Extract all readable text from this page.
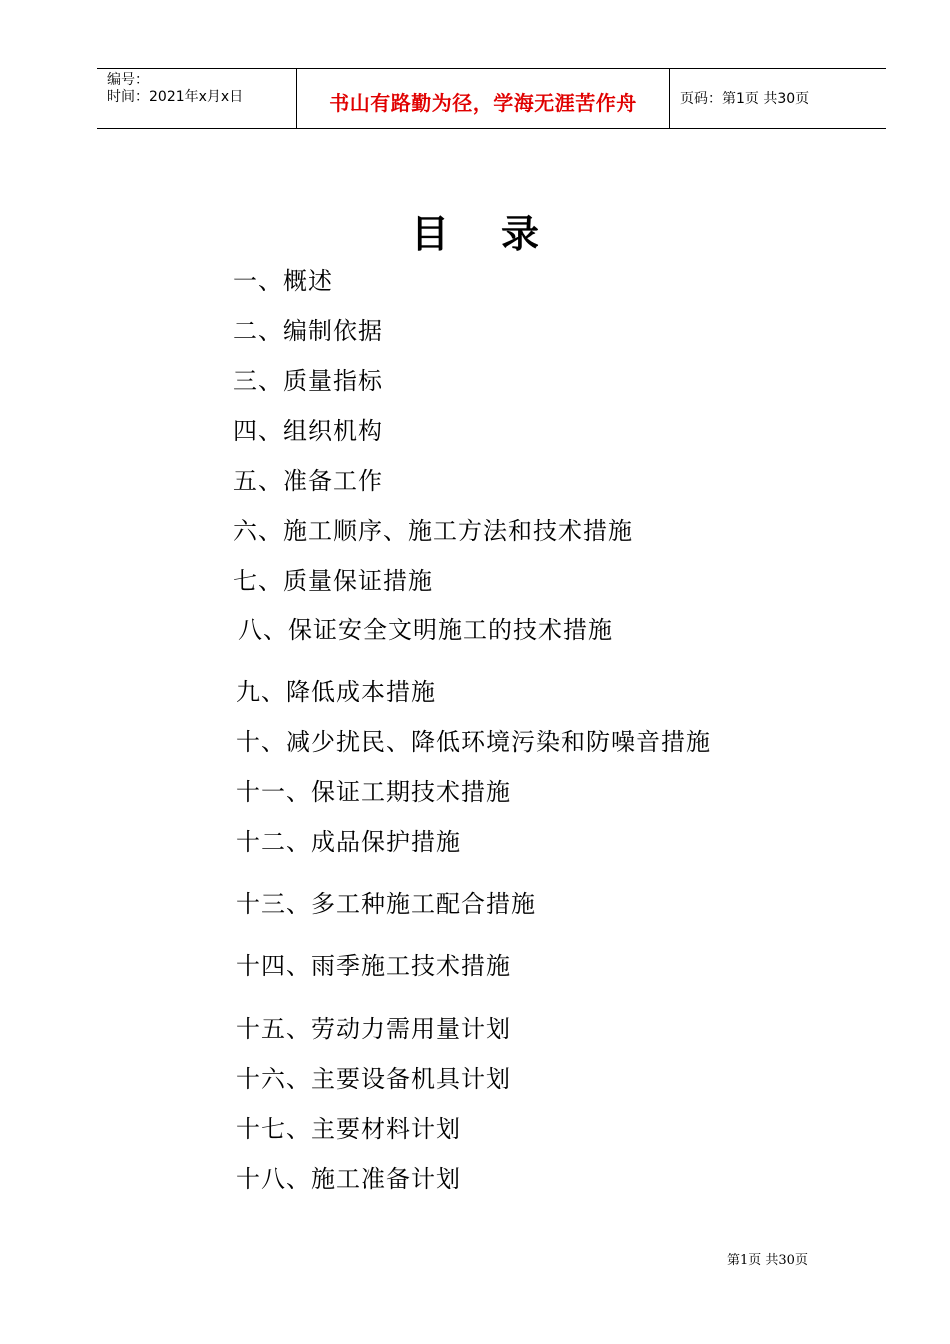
编号：
时间：2021年x月x日	书山有路勤为径，学海无涯苦作舟	页码：第1页 共30页
目录
一、概述
二、编制依据
三、质量指标
四、组织机构
五、准备工作
六、施工顺序、施工方法和技术措施
七、质量保证措施
八、保证安全文明施工的技术措施
九、降低成本措施
十、减少扰民、降低环境污染和防噪音措施
十一、保证工期技术措施
十二、成品保护措施
十三、多工种施工配合措施
十四、雨季施工技术措施
十五、劳动力需用量计划
十六、主要设备机具计划
十七、主要材料计划
十八、施工准备计划
第1页 共30页
